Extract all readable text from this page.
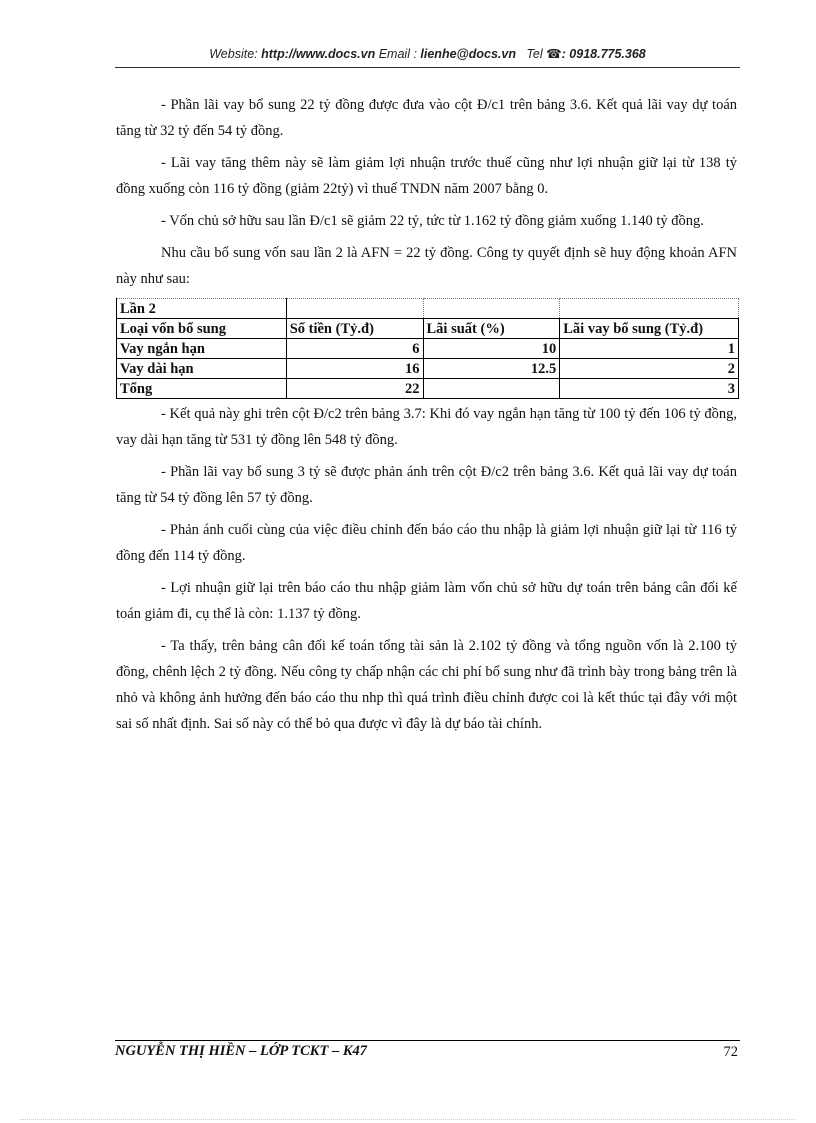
Website: http://www.docs.vn Email : lienhe@docs.vn Tel ☎: 0918.775.368

- Phần lãi vay bổ sung 22 tỷ đồng được đưa vào cột Đ/c1 trên bảng 3.6. Kết quả lãi vay dự toán tăng từ 32 tỷ đến 54 tỷ đồng.

- Lãi vay tăng thêm này sẽ làm giảm lợi nhuận trước thuế cũng như lợi nhuận giữ lại từ 138 tỷ đồng xuống còn 116 tỷ đồng (giảm 22tỷ) vì thuế TNDN năm 2007 bằng 0.

- Vốn chủ sở hữu sau lần Đ/c1 sẽ giảm 22 tỷ, tức từ 1.162 tỷ đồng giảm xuống 1.140 tỷ đồng.

Nhu cầu bổ sung vốn sau lần 2 là AFN = 22 tỷ đồng. Công ty quyết định sẽ huy động khoản AFN này như sau:

Lần 2			
Loại vốn bổ sung	Số tiền (Tỷ.đ)	Lãi suất (%)	Lãi vay bổ sung (Tỷ.đ)
Vay ngắn hạn	6	10	1
Vay dài hạn	16	12.5	2
Tổng	22		3

- Kết quả này ghi trên cột Đ/c2 trên bảng 3.7: Khi đó vay ngắn hạn tăng từ 100 tỷ đến 106 tỷ đồng, vay dài hạn tăng từ 531 tỷ đồng lên 548 tỷ đồng.

- Phần lãi vay bổ sung 3 tỷ sẽ được phản ánh trên cột Đ/c2 trên bảng 3.6. Kết quả lãi vay dự toán tăng từ 54 tỷ đồng lên 57 tỷ đồng.

- Phản ánh cuối cùng của việc điều chỉnh đến báo cáo thu nhập là giảm lợi nhuận giữ lại từ 116 tỷ đồng đến 114 tỷ đồng.

- Lợi nhuận giữ lại trên báo cáo thu nhập giảm làm vốn chủ sở hữu dự toán trên bảng cân đối kế toán giảm đi, cụ thể là còn: 1.137 tỷ đồng.

- Ta thấy, trên bảng cân đối kế toán tổng tài sản là 2.102 tỷ đồng và tổng nguồn vốn là 2.100 tỷ đồng, chênh lệch 2 tỷ đồng. Nếu công ty chấp nhận các chi phí bổ sung như đã trình bày trong bảng trên là nhỏ và không ảnh hưởng đến báo cáo thu nhp thì quá trình điều chỉnh được coi là kết thúc tại đây với một sai số nhất định. Sai số này có thể bỏ qua được vì đây là dự báo tài chính.

NGUYỄN THỊ HIỀN – LỚP TCKT – K47	72
